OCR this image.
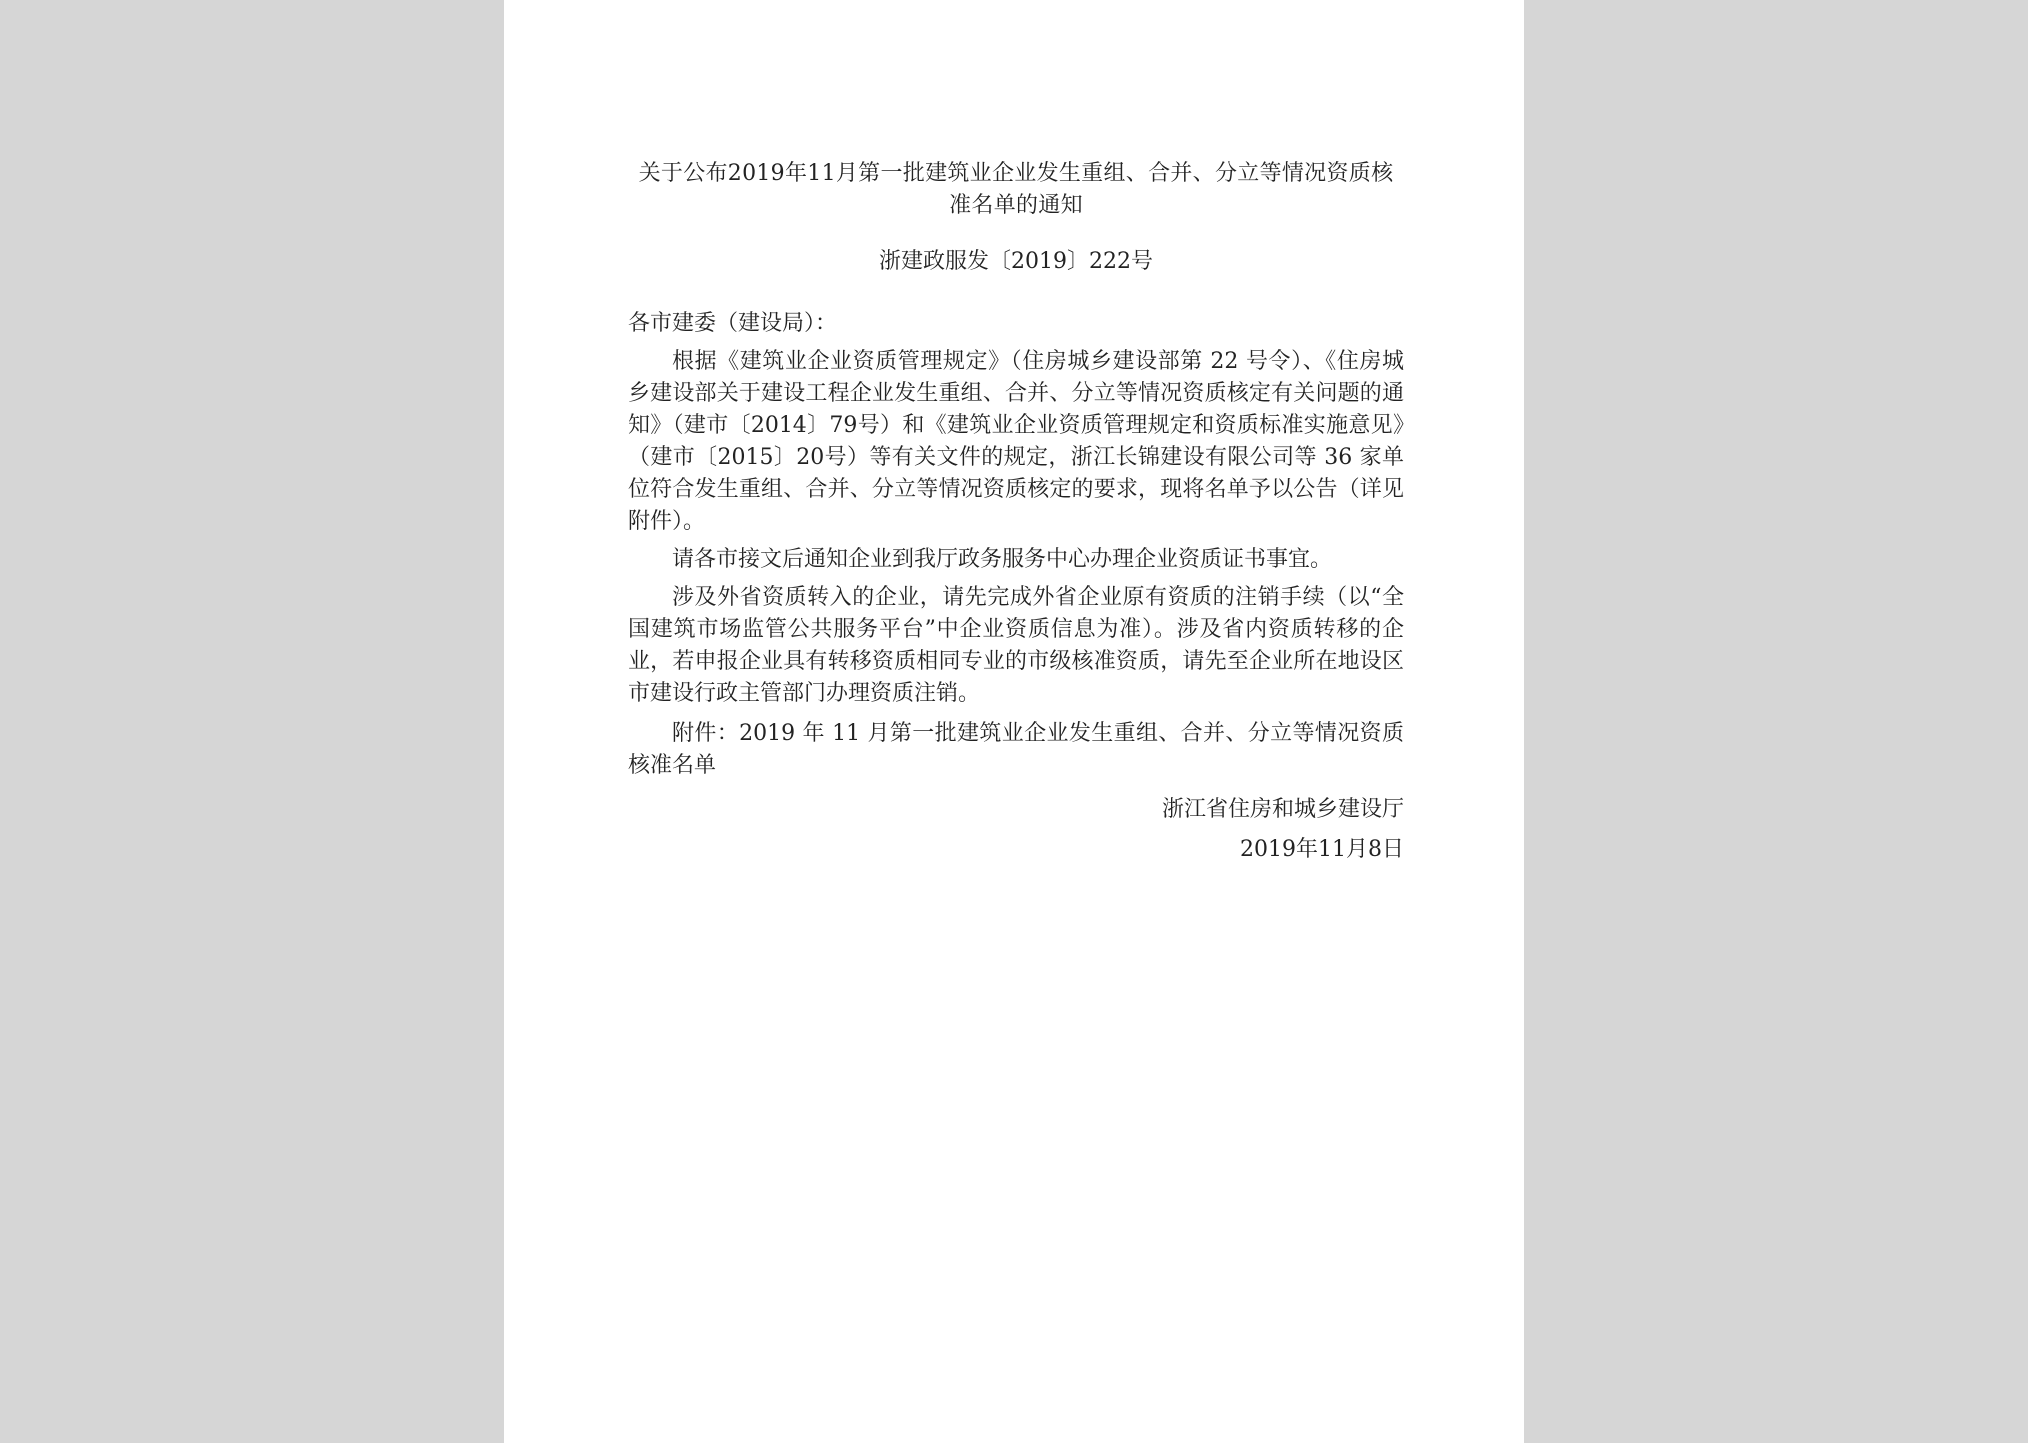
关于公布2019年11月第一批建筑业企业发生重组、合并、分立等情况资质核准名单的通知

浙建政服发〔2019〕222号

各市建委（建设局）：

根据《建筑业企业资质管理规定》（住房城乡建设部第 22 号令）、《住房城乡建设部关于建设工程企业发生重组、合并、分立等情况资质核定有关问题的通知》（建市〔2014〕79号）和《建筑业企业资质管理规定和资质标准实施意见》（建市〔2015〕20号）等有关文件的规定，浙江长锦建设有限公司等 36 家单位符合发生重组、合并、分立等情况资质核定的要求，现将名单予以公告（详见附件）。

请各市接文后通知企业到我厅政务服务中心办理企业资质证书事宜。

涉及外省资质转入的企业，请先完成外省企业原有资质的注销手续（以“全国建筑市场监管公共服务平台”中企业资质信息为准）。涉及省内资质转移的企业，若申报企业具有转移资质相同专业的市级核准资质，请先至企业所在地设区市建设行政主管部门办理资质注销。

附件：2019 年 11 月第一批建筑业企业发生重组、合并、分立等情况资质核准名单

浙江省住房和城乡建设厅

2019年11月8日
